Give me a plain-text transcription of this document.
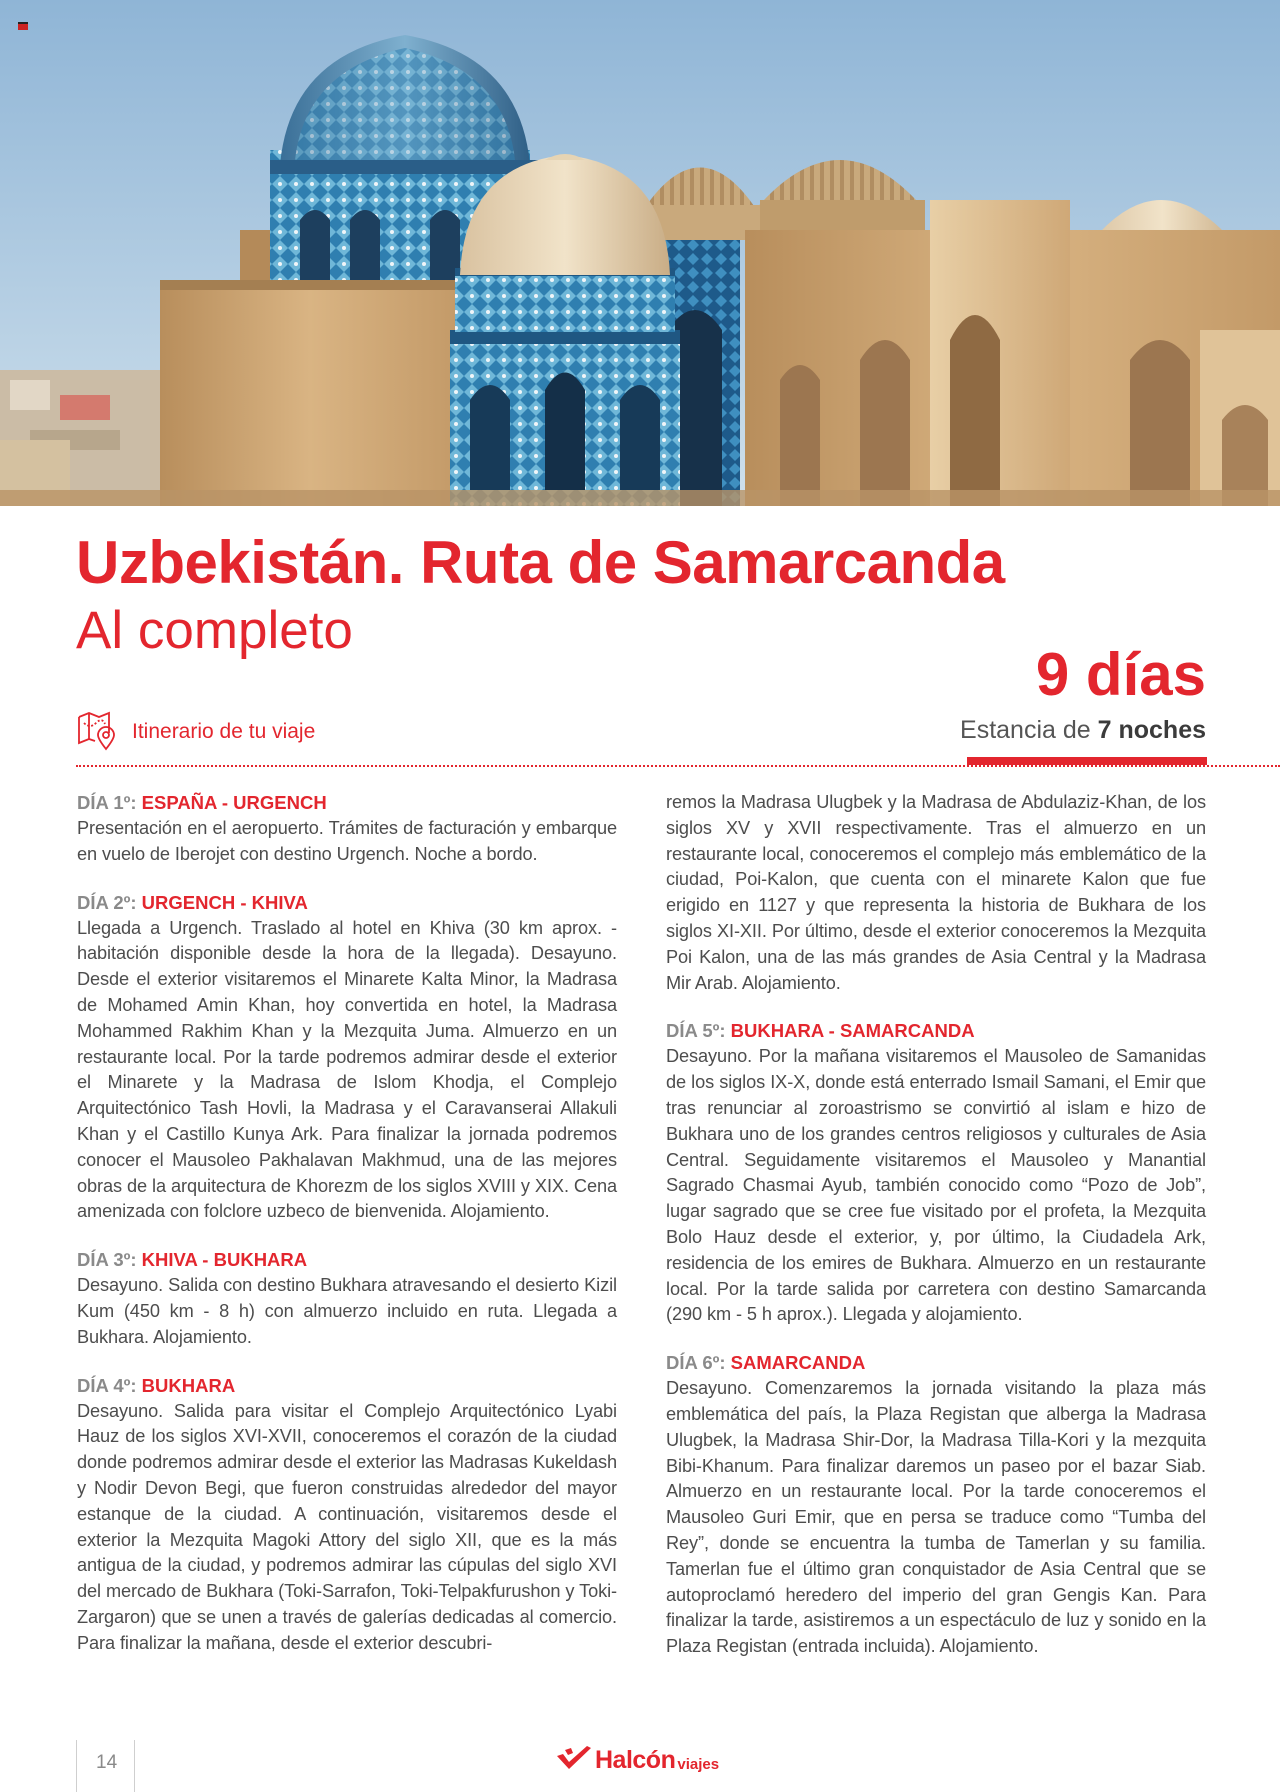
Uzbekistán. Ruta de Samarcanda
Al completo
9 días
Estancia de 7 noches
Itinerario de tu viaje
DÍA 1º: ESPAÑA - URGENCH

Presentación en el aeropuerto. Trámites de facturación y embarque en vuelo de Iberojet con destino Urgench. Noche a bordo.

DÍA 2º: URGENCH - KHIVA

Llegada a Urgench. Traslado al hotel en Khiva (30 km aprox. - habitación disponible desde la hora de la llegada). Desayuno. Desde el exterior visitaremos el Minarete Kalta Minor, la Madrasa de Mohamed Amin Khan, hoy convertida en hotel, la Madrasa Mohammed Rakhim Khan y la Mezquita Juma. Almuerzo en un restaurante local. Por la tarde podremos admirar desde el exterior el Minarete y la Madrasa de Islom Khodja, el Complejo Arquitectónico Tash Hovli, la Madrasa y el Caravanserai Allakuli Khan y el Castillo Kunya Ark. Para finalizar la jornada podremos conocer el Mausoleo Pakhalavan Makhmud, una de las mejores obras de la arquitectura de Khorezm de los siglos XVIII y XIX. Cena amenizada con folclore uzbeco de bienvenida. Alojamiento.

DÍA 3º: KHIVA - BUKHARA

Desayuno. Salida con destino Bukhara atravesando el desierto Kizil Kum (450 km - 8 h) con almuerzo incluido en ruta. Llegada a Bukhara. Alojamiento.

DÍA 4º: BUKHARA

Desayuno. Salida para visitar el Complejo Arquitectónico Lyabi Hauz de los siglos XVI-XVII, conoceremos el corazón de la ciudad donde podremos admirar desde el exterior las Madrasas Kukeldash y Nodir Devon Begi, que fueron construidas alrededor del mayor estanque de la ciudad. A continuación, visitaremos desde el exterior la Mezquita Magoki Attory del siglo XII, que es la más antigua de la ciudad, y podremos admirar las cúpulas del siglo XVI del mercado de Bukhara (Toki-Sarrafon, Toki-Telpakfurushon y Toki-Zargaron) que se unen a través de galerías dedicadas al comercio. Para finalizar la mañana, desde el exterior descubri-

remos la Madrasa Ulugbek y la Madrasa de Abdulaziz-Khan, de los siglos XV y XVII respectivamente. Tras el almuerzo en un restaurante local, conoceremos el complejo más emblemático de la ciudad, Poi-Kalon, que cuenta con el minarete Kalon que fue erigido en 1127 y que representa la historia de Bukhara de los siglos XI-XII. Por último, desde el exterior conoceremos la Mezquita Poi Kalon, una de las más grandes de Asia Central y la Madrasa Mir Arab. Alojamiento.

DÍA 5º: BUKHARA - SAMARCANDA

Desayuno. Por la mañana visitaremos el Mausoleo de Samanidas de los siglos IX-X, donde está enterrado Ismail Samani, el Emir que tras renunciar al zoroastrismo se convirtió al islam e hizo de Bukhara uno de los grandes centros religiosos y culturales de Asia Central. Seguidamente visitaremos el Mausoleo y Manantial Sagrado Chasmai Ayub, también conocido como “Pozo de Job”, lugar sagrado que se cree fue visitado por el profeta, la Mezquita Bolo Hauz desde el exterior, y, por último, la Ciudadela Ark, residencia de los emires de Bukhara. Almuerzo en un restaurante local. Por la tarde salida por carretera con destino Samarcanda (290 km - 5 h aprox.). Llegada y alojamiento.

DÍA 6º: SAMARCANDA

Desayuno. Comenzaremos la jornada visitando la plaza más emblemática del país, la Plaza Registan que alberga la Madrasa Ulugbek, la Madrasa Shir-Dor, la Madrasa Tilla-Kori y la mezquita Bibi-Khanum. Para finalizar daremos un paseo por el bazar Siab. Almuerzo en un restaurante local. Por la tarde conoceremos el Mausoleo Guri Emir, que en persa se traduce como “Tumba del Rey”, donde se encuentra la tumba de Tamerlan y su familia. Tamerlan fue el último gran conquistador de Asia Central que se autoproclamó heredero del imperio del gran Gengis Kan. Para finalizar la tarde, asistiremos a un espectáculo de luz y sonido en la Plaza Registan (entrada incluida). Alojamiento.

14	Halcón viajes
